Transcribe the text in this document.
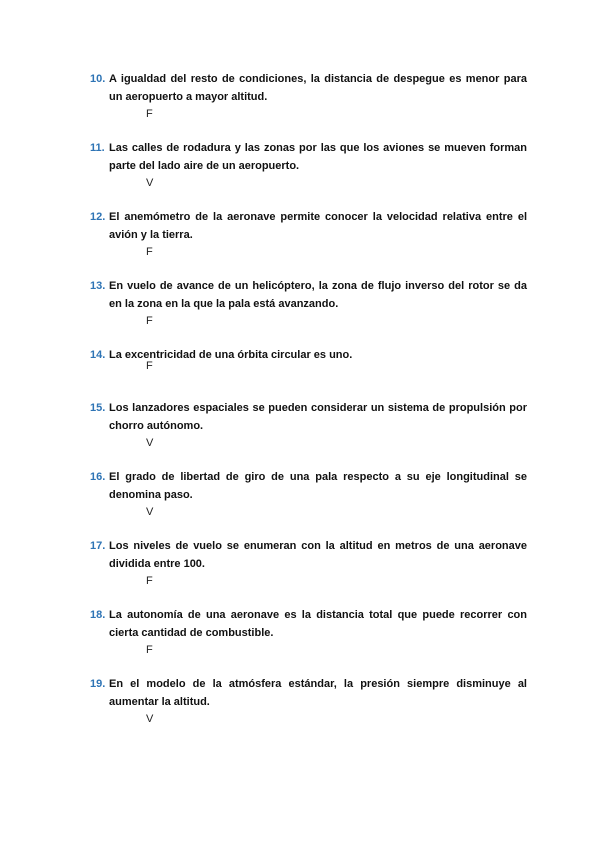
10. A igualdad del resto de condiciones, la distancia de despegue es menor para un aeropuerto a mayor altitud.
F
11. Las calles de rodadura y las zonas por las que los aviones se mueven forman parte del lado aire de un aeropuerto.
V
12. El anemómetro de la aeronave permite conocer la velocidad relativa entre el avión y la tierra.
F
13. En vuelo de avance de un helicóptero, la zona de flujo inverso del rotor se da en la zona en la que la pala está avanzando.
F
14. La excentricidad de una órbita circular es uno.
F
15. Los lanzadores espaciales se pueden considerar un sistema de propulsión por chorro autónomo.
V
16. El grado de libertad de giro de una pala respecto a su eje longitudinal se denomina paso.
V
17. Los niveles de vuelo se enumeran con la altitud en metros de una aeronave dividida entre 100.
F
18. La autonomía de una aeronave es la distancia total que puede recorrer con cierta cantidad de combustible.
F
19. En el modelo de la atmósfera estándar, la presión siempre disminuye al aumentar la altitud.
V
